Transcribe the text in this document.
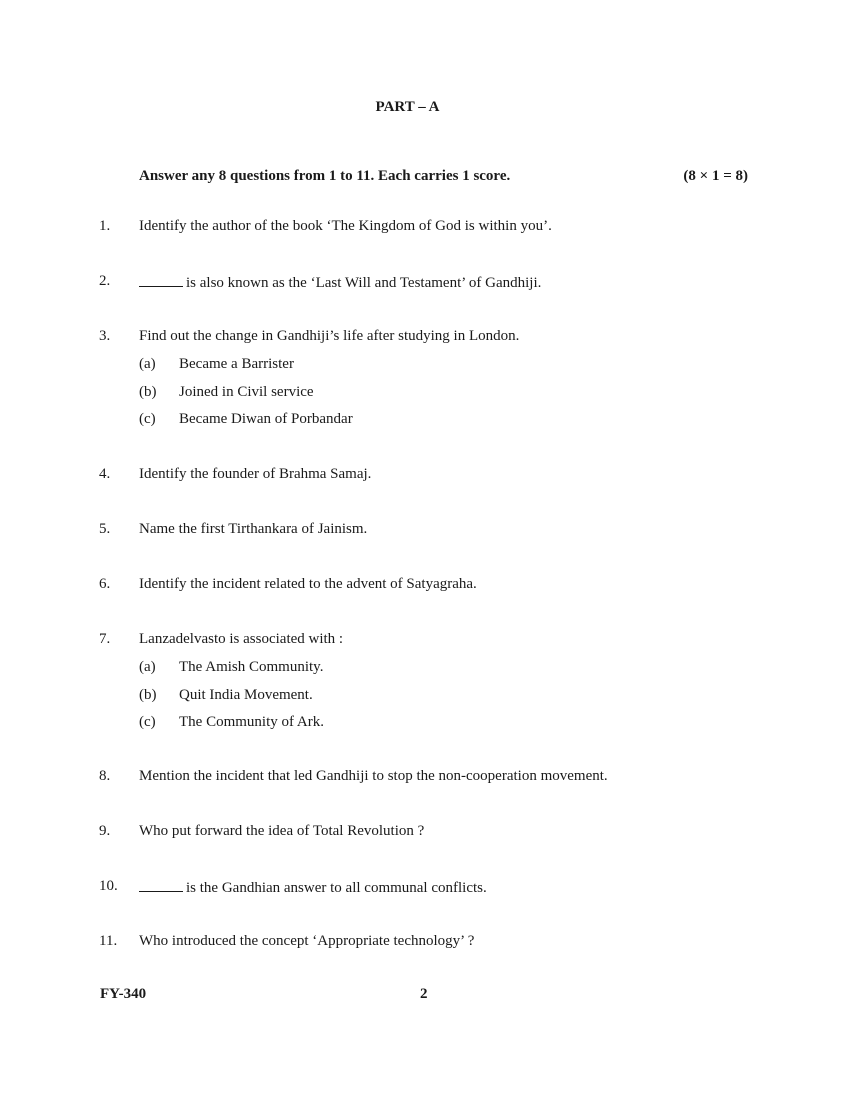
PART – A
Answer any 8 questions from 1 to 11. Each carries 1 score.	(8 × 1 = 8)
1. Identify the author of the book ‘The Kingdom of God is within you’.
2.	is also known as the ‘Last Will and Testament’ of Gandhiji.
3. Find out the change in Gandhiji’s life after studying in London.
(a) Became a Barrister
(b) Joined in Civil service
(c) Became Diwan of Porbandar
4. Identify the founder of Brahma Samaj.
5. Name the first Tirthankara of Jainism.
6. Identify the incident related to the advent of Satyagraha.
7. Lanzadelvasto is associated with :
(a) The Amish Community.
(b) Quit India Movement.
(c) The Community of Ark.
8. Mention the incident that led Gandhiji to stop the non-cooperation movement.
9. Who put forward the idea of Total Revolution ?
10.	is the Gandhian answer to all communal conflicts.
11. Who introduced the concept ‘Appropriate technology’ ?
FY-340	2
